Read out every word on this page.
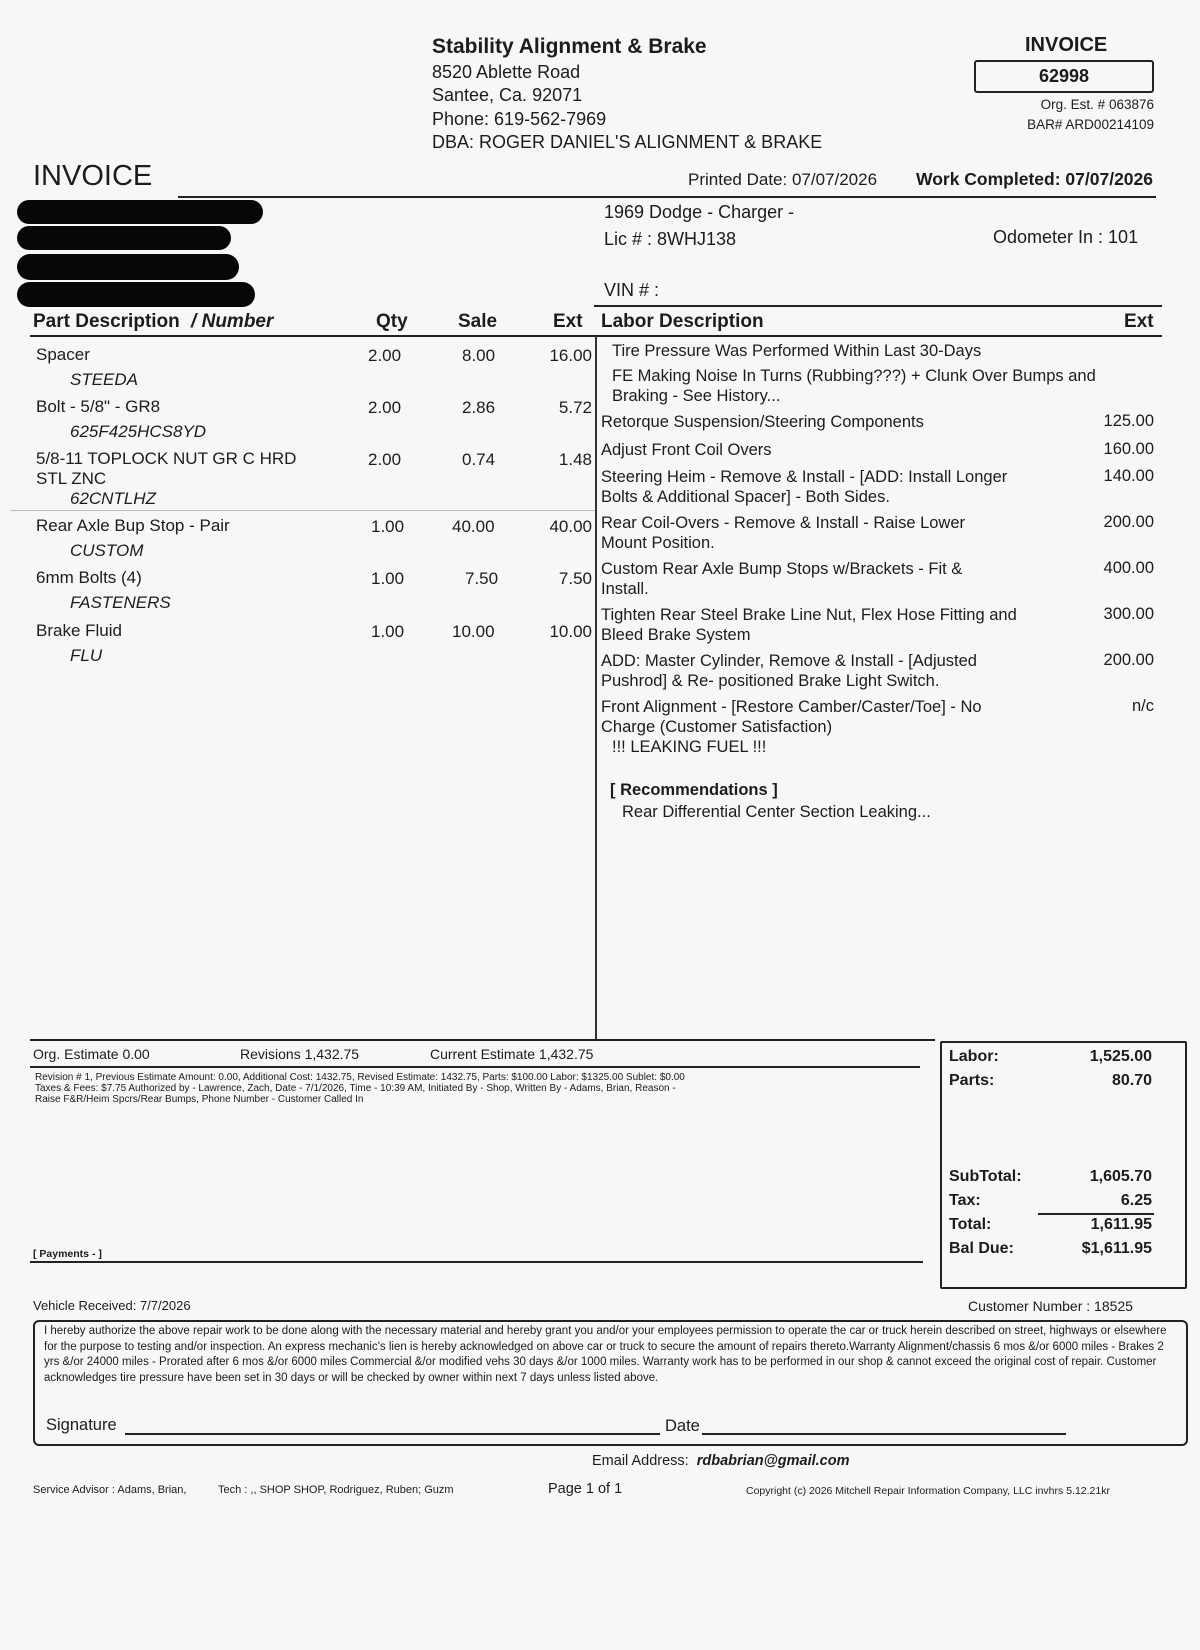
Stability Alignment & Brake
8520 Ablette Road
Santee, Ca. 92071
Phone: 619-562-7969
DBA: ROGER DANIEL'S ALIGNMENT & BRAKE
INVOICE
62998
Org. Est. # 063876
BAR# ARD00214109
INVOICE	Printed Date: 07/07/2026 Work Completed: 07/07/2026
1969 Dodge - Charger -
Lic # : 8WHJ138	Odometer In : 101
VIN # :
Part Description / Number	Qty	Sale	Ext Labor Description	Ext
Spacer
STEEDA
2.00	8.00	16.00
Bolt - 5/8" - GR8
625F425HCS8YD
2.00	2.86	5.72
5/8-11 TOPLOCK NUT GR C HRD STL ZNC
62CNTLHZ
2.00	0.74	1.48
Rear Axle Bup Stop - Pair
CUSTOM
1.00	40.00	40.00
6mm Bolts (4)
FASTENERS
1.00	7.50	7.50
Brake Fluid
FLU
1.00	10.00	10.00
Tire Pressure Was Performed Within Last 30-Days
FE Making Noise In Turns (Rubbing???) + Clunk Over Bumps and Braking - See History...
Retorque Suspension/Steering Components	125.00
Adjust Front Coil Overs	160.00
Steering Heim - Remove & Install - [ADD: Install Longer Bolts & Additional Spacer] - Both Sides.
140.00
Rear Coil-Overs - Remove & Install - Raise Lower Mount Position.
200.00
Custom Rear Axle Bump Stops w/Brackets - Fit & Install.
400.00
Tighten Rear Steel Brake Line Nut, Flex Hose Fitting and Bleed Brake System
300.00
ADD: Master Cylinder, Remove & Install - [Adjusted Pushrod] & Re- positioned Brake Light Switch.
200.00
Front Alignment - [Restore Camber/Caster/Toe] - No Charge (Customer Satisfaction)
n/c
!!! LEAKING FUEL !!!
[ Recommendations ]
Rear Differential Center Section Leaking...
Org. Estimate 0.00	Revisions 1,432.75	Current Estimate 1,432.75
Revision # 1, Previous Estimate Amount: 0.00, Additional Cost: 1432.75, Revised Estimate: 1432.75, Parts: $100.00 Labor: $1325.00 Sublet: $0.00
Taxes & Fees: $7.75 Authorized by - Lawrence, Zach, Date - 7/1/2026, Time - 10:39 AM, Initiated By - Shop, Written By - Adams, Brian, Reason -
Raise F&R/Heim Spcrs/Rear Bumps, Phone Number - Customer Called In
[ Payments - ]
Labor:	1,525.00
Parts:	80.70
SubTotal:	1,605.70
Tax:	6.25
Total:	1,611.95
Bal Due:	$1,611.95
Vehicle Received: 7/7/2026	Customer Number : 18525
I hereby authorize the above repair work to be done along with the necessary material and hereby grant you and/or your employees permission to operate the car or truck herein described on street, highways or elsewhere for the purpose to testing and/or inspection. An express mechanic's lien is hereby acknowledged on above car or truck to secure the amount of repairs thereto.Warranty Alignment/chassis 6 mos &/or 6000 miles - Brakes 2 yrs &/or 24000 miles - Prorated after 6 mos &/or 6000 miles Commercial &/or modified vehs 30 days &/or 1000 miles. Warranty work has to be performed in our shop & cannot exceed the original cost of repair. Customer acknowledges tire pressure have been set in 30 days or will be checked by owner within next 7 days unless listed above.
Signature	Date
Email Address: rdbabrian@gmail.com
Service Advisor : Adams, Brian,	Tech : ,, SHOP SHOP, Rodriguez, Ruben; Guzm	Page 1 of 1	Copyright (c) 2026 Mitchell Repair Information Company, LLC invhrs 5.12.21kr
